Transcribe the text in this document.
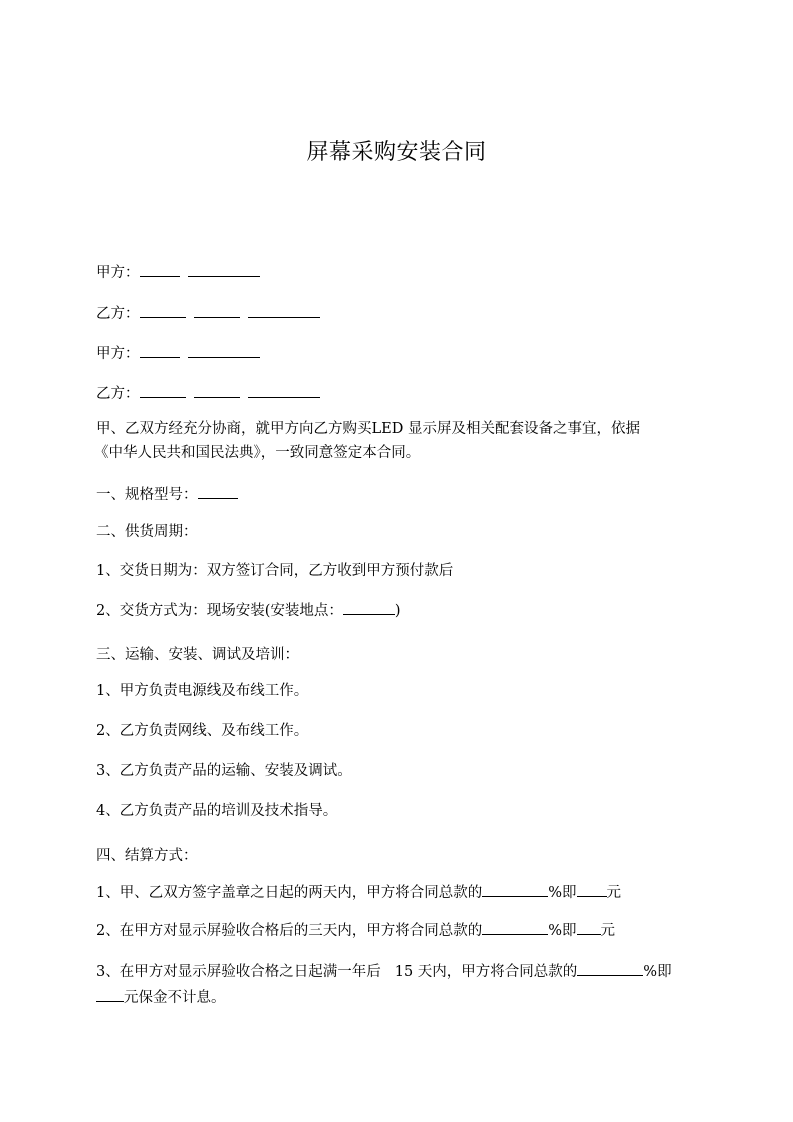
屏幕采购安装合同
甲方：
乙方：
甲方：
乙方：
甲、乙双方经充分协商，就甲方向乙方购买LED 显示屏及相关配套设备之事宜，依据
《中华人民共和国民法典》，一致同意签定本合同。
一、规格型号：
二、供货周期：
1、交货日期为：双方签订合同，乙方收到甲方预付款后
2、交货方式为：现场安装(安装地点：	)
三、运输、安装、调试及培训：
1、甲方负责电源线及布线工作。
2、乙方负责网线、及布线工作。
3、乙方负责产品的运输、安装及调试。
4、乙方负责产品的培训及技术指导。
四、结算方式：
1、甲、乙双方签字盖章之日起的两天内，甲方将合同总款的	%即 元
2、在甲方对显示屏验收合格后的三天内，甲方将合同总款的	%即 元
3、在甲方对显示屏验收合格之日起满一年后 15 天内，甲方将合同总款的	%即
元保金不计息。
